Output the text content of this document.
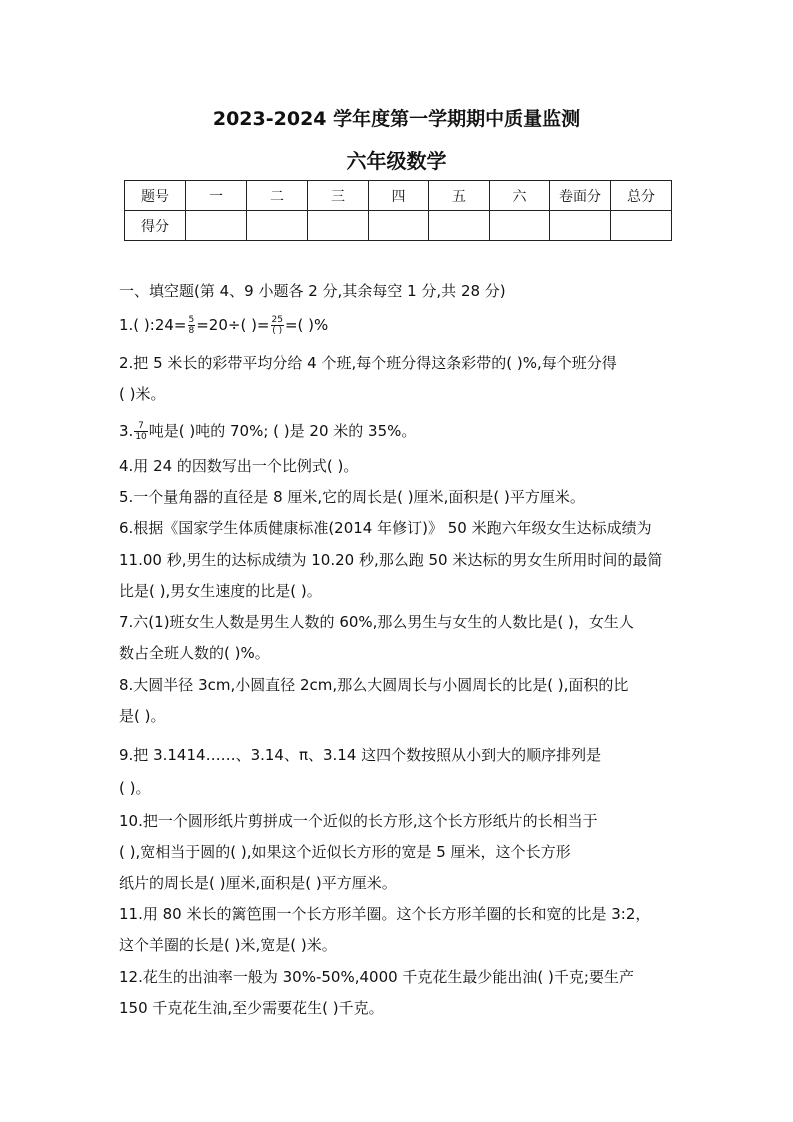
2023-2024 学年度第一学期期中质量监测
六年级数学
题号	一	二	三	四	五	六	卷面分	总分
得分								
一、填空题(第 4、9 小题各 2 分,其余每空 1 分,共 28 分)
1.( ):24= $\frac{5}{8} =20\div$( )= $\frac{25}{( )}$ =( )%
2.把 5 米长的彩带平均分给 4 个班,每个班分得这条彩带的( )%,每个班分得
( )米。
3. $\frac{7}{10}$ 吨是( )吨的 70%; ( )是 20 米的 35%。
4.用 24 的因数写出一个比例式( )。
5.一个量角器的直径是 8 厘米,它的周长是( )厘米,面积是( )平方厘米。
6.根据《国家学生体质健康标准(2014 年修订)》 50 米跑六年级女生达标成绩为
11.00 秒,男生的达标成绩为 10.20 秒,那么跑 50 米达标的男女生所用时间的最简
比是( ),男女生速度的比是( )。
7.六(1)班女生人数是男生人数的 60%,那么男生与女生的人数比是( )，女生人
数占全班人数的( )%。
8.大圆半径 3cm,小圆直径 2cm,那么大圆周长与小圆周长的比是( ),面积的比
是( )。
9.把 3.1414……、3.14、π、3.14 这四个数按照从小到大的顺序排列是
( )。
10.把一个圆形纸片剪拼成一个近似的长方形,这个长方形纸片的长相当于
( ),宽相当于圆的( ),如果这个近似长方形的宽是 5 厘米，这个长方形
纸片的周长是( )厘米,面积是( )平方厘米。
11.用 80 米长的篱笆围一个长方形羊圈。这个长方形羊圈的长和宽的比是 3:2，
这个羊圈的长是( )米,宽是( )米。
12.花生的出油率一般为 30%-50%,4000 千克花生最少能出油( )千克;要生产
150 千克花生油,至少需要花生( )千克。
